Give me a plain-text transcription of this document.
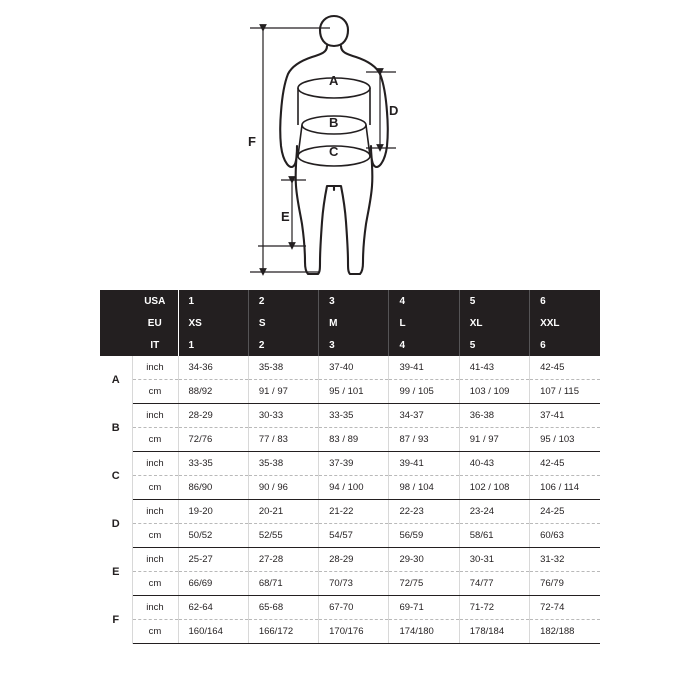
A
B
C
D
E
F
	USA	1	2	3	4	5	6
	EU	XS	S	M	L	XL	XXL
	IT	1	2	3	4	5	6
A	inch	34-36	35-38	37-40	39-41	41-43	42-45
	cm	88/92	91 / 97	95 / 101	99 / 105	103 / 109	107 / 115
B	inch	28-29	30-33	33-35	34-37	36-38	37-41
	cm	72/76	77 / 83	83 / 89	87 / 93	91 / 97	95 / 103
C	inch	33-35	35-38	37-39	39-41	40-43	42-45
	cm	86/90	90 / 96	94 / 100	98 / 104	102 / 108	106 / 114
D	inch	19-20	20-21	21-22	22-23	23-24	24-25
	cm	50/52	52/55	54/57	56/59	58/61	60/63
E	inch	25-27	27-28	28-29	29-30	30-31	31-32
	cm	66/69	68/71	70/73	72/75	74/77	76/79
F	inch	62-64	65-68	67-70	69-71	71-72	72-74
	cm	160/164	166/172	170/176	174/180	178/184	182/188
